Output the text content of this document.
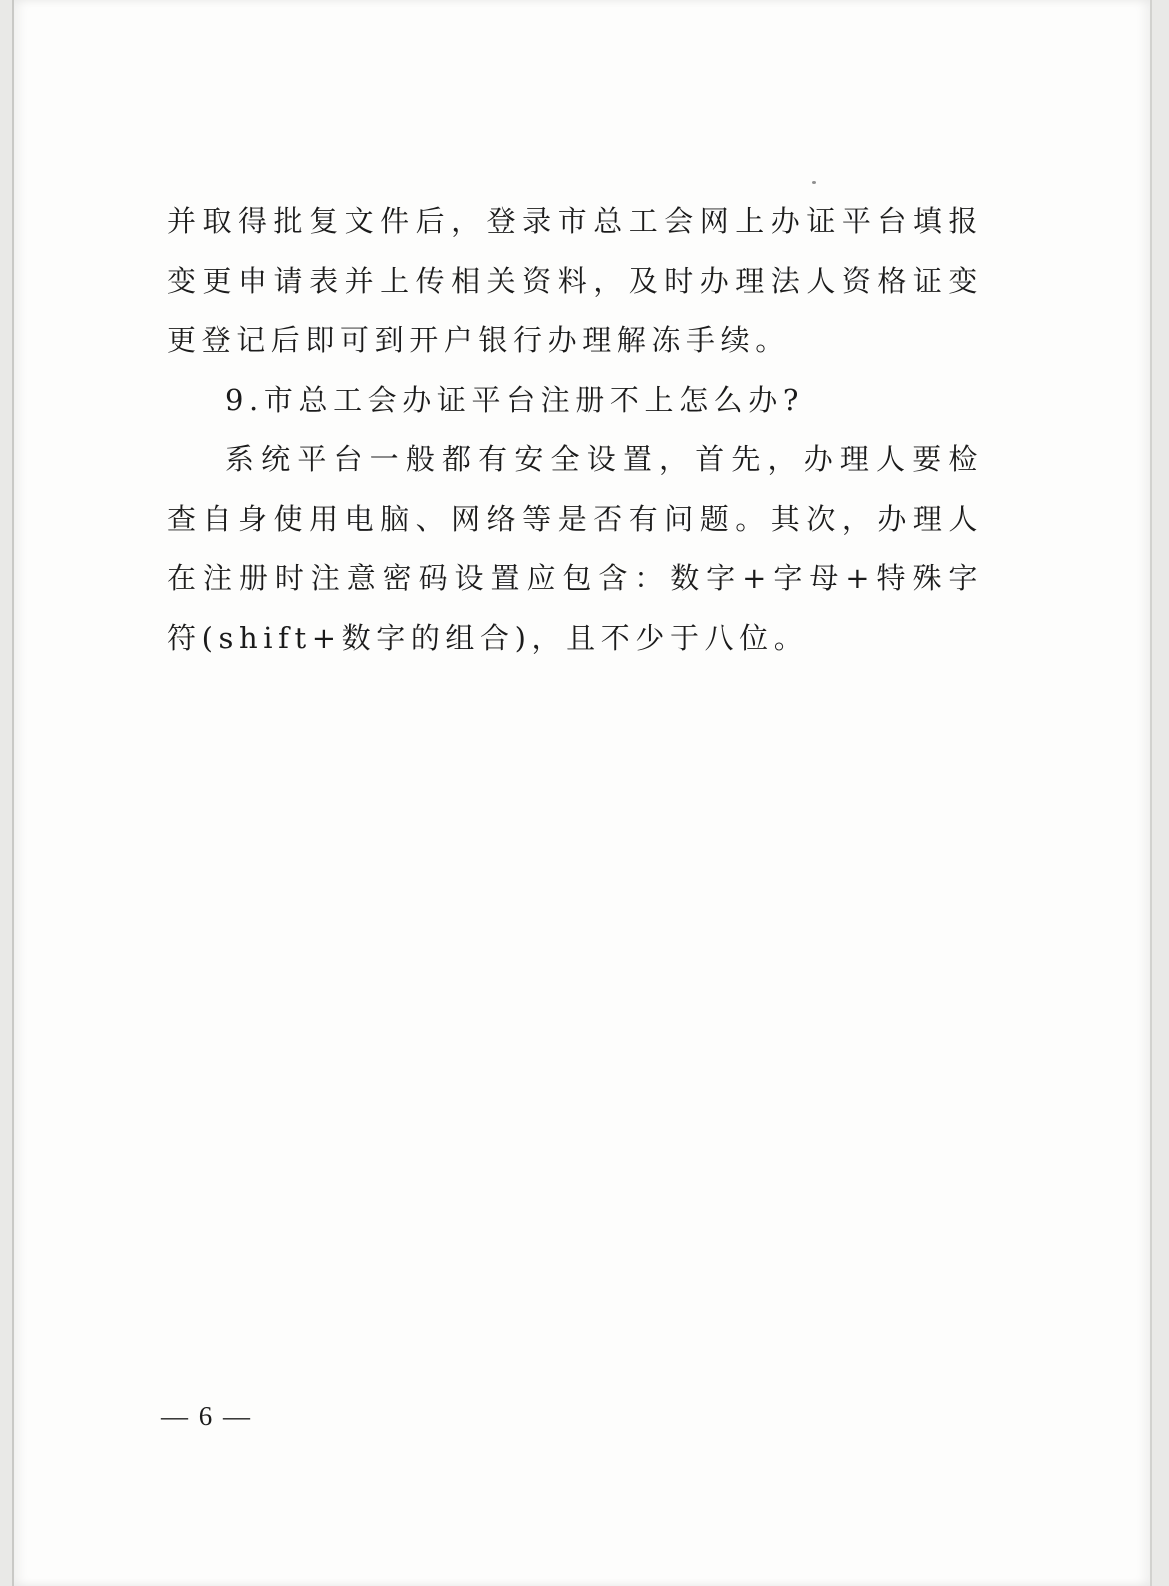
并取得批复文件后，登录市总工会网上办证平台填报变更申请表并上传相关资料，及时办理法人资格证变更登记后即可到开户银行办理解冻手续。

9.市总工会办证平台注册不上怎么办?

系统平台一般都有安全设置，首先，办理人要检查自身使用电脑、网络等是否有问题。其次，办理人在注册时注意密码设置应包含：数字+字母+特殊字符(shift+数字的组合)，且不少于八位。

— 6 —
